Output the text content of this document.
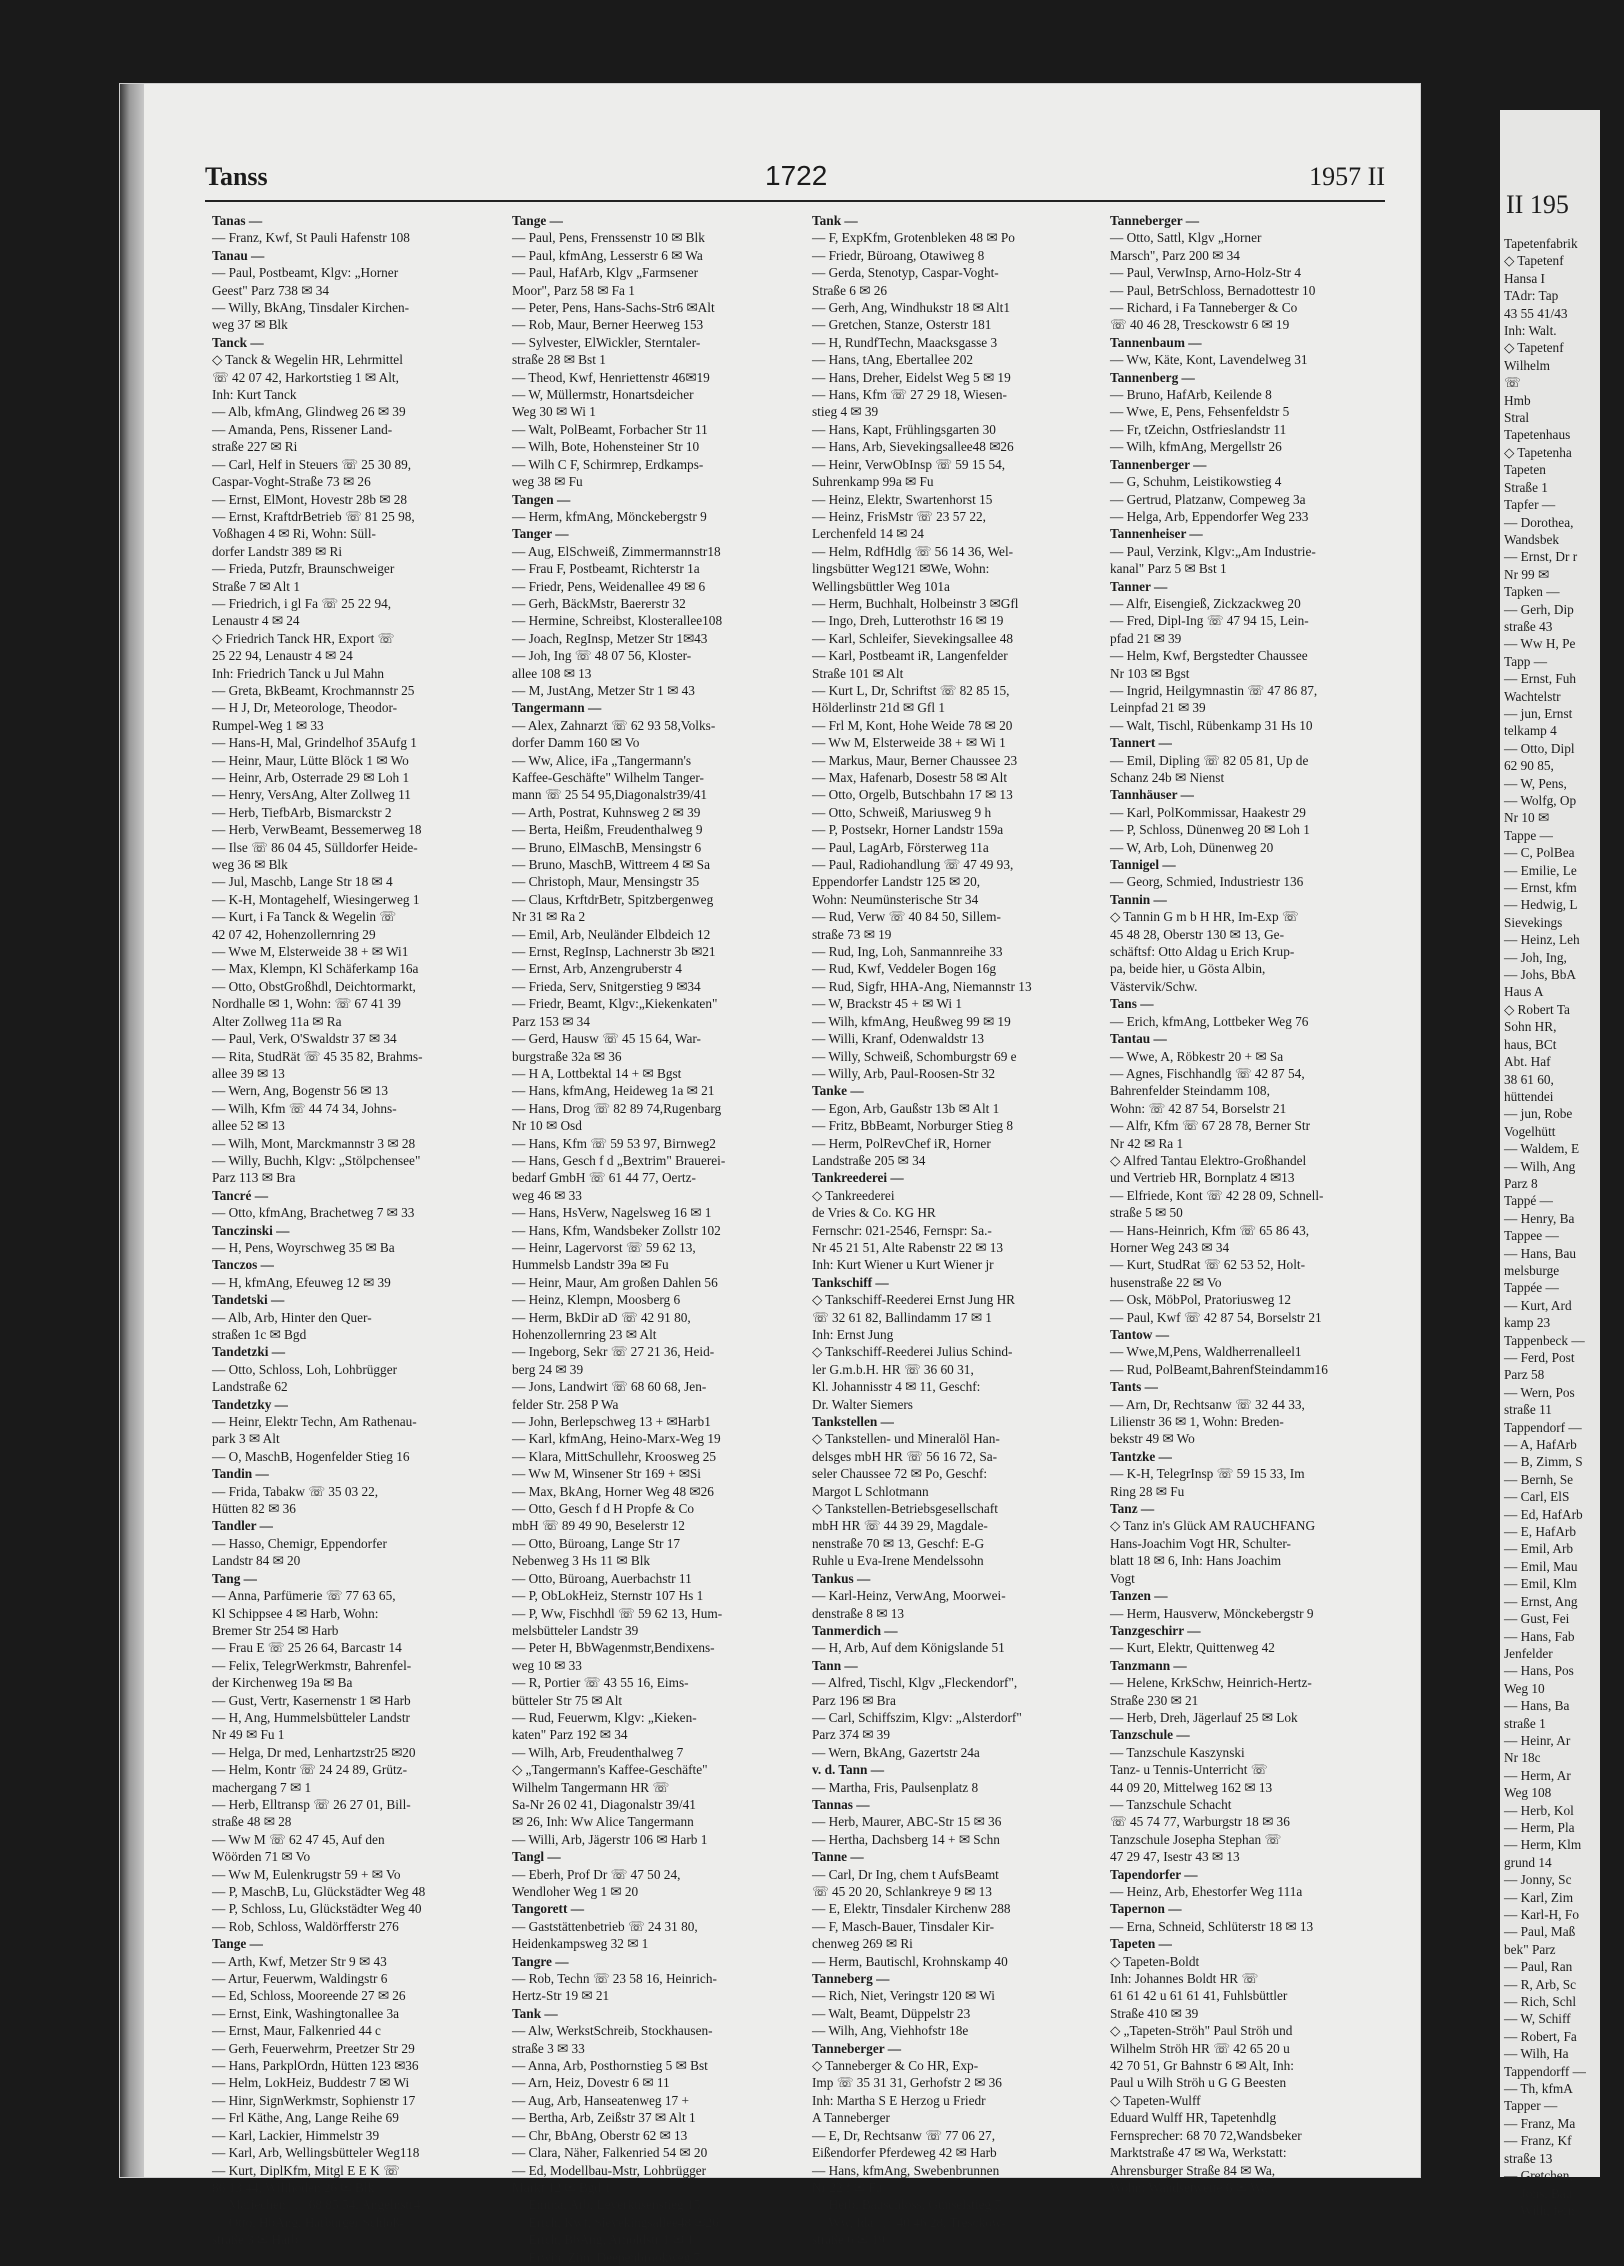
Tanss	1722	1957 II
Tanas —
— Franz, Kwf, St Pauli Hafenstr 108
Tanau —
— Paul, Postbeamt, Klgv: „Horner
Geest" Parz 738 ✉ 34
— Willy, BkAng, Tinsdaler Kirchen-
weg 37 ✉ Blk
Tanck —
◇ Tanck & Wegelin HR, Lehrmittel
☏ 42 07 42, Harkortstieg 1 ✉ Alt,
Inh: Kurt Tanck
— Alb, kfmAng, Glindweg 26 ✉ 39
— Amanda, Pens, Rissener Land-
straße 227 ✉ Ri
— Carl, Helf in Steuers ☏ 25 30 89,
Caspar-Voght-Straße 73 ✉ 26
— Ernst, ElMont, Hovestr 28b ✉ 28
— Ernst, KraftdrBetrieb ☏ 81 25 98,
Voßhagen 4 ✉ Ri, Wohn: Süll-
dorfer Landstr 389 ✉ Ri
— Frieda, Putzfr, Braunschweiger
Straße 7 ✉ Alt 1
— Friedrich, i gl Fa ☏ 25 22 94,
Lenaustr 4 ✉ 24
◇ Friedrich Tanck HR, Export ☏
25 22 94, Lenaustr 4 ✉ 24
Inh: Friedrich Tanck u Jul Mahn
— Greta, BkBeamt, Krochmannstr 25
— H J, Dr, Meteorologe, Theodor-
Rumpel-Weg 1 ✉ 33
— Hans-H, Mal, Grindelhof 35Aufg 1
— Heinr, Maur, Lütte Blöck 1 ✉ Wo
— Heinr, Arb, Osterrade 29 ✉ Loh 1
— Henry, VersAng, Alter Zollweg 11
— Herb, TiefbArb, Bismarckstr 2
— Herb, VerwBeamt, Bessemerweg 18
— Ilse ☏ 86 04 45, Sülldorfer Heide-
weg 36 ✉ Blk
— Jul, Maschb, Lange Str 18 ✉ 4
— K-H, Montagehelf, Wiesingerweg 1
— Kurt, i Fa Tanck & Wegelin ☏
42 07 42, Hohenzollernring 29
— Wwe M, Elsterweide 38 + ✉ Wi1
— Max, Klempn, Kl Schäferkamp 16a
— Otto, ObstGroßhdl, Deichtormarkt,
Nordhalle ✉ 1, Wohn: ☏ 67 41 39
Alter Zollweg 11a ✉ Ra
— Paul, Verk, O'Swaldstr 37 ✉ 34
— Rita, StudRät ☏ 45 35 82, Brahms-
allee 39 ✉ 13
— Wern, Ang, Bogenstr 56 ✉ 13
— Wilh, Kfm ☏ 44 74 34, Johns-
allee 52 ✉ 13
— Wilh, Mont, Marckmannstr 3 ✉ 28
— Willy, Buchh, Klgv: „Stölpchensee"
Parz 113 ✉ Bra
Tancré —
— Otto, kfmAng, Brachetweg 7 ✉ 33
Tanczinski —
— H, Pens, Woyrschweg 35 ✉ Ba
Tanczos —
— H, kfmAng, Efeuweg 12 ✉ 39
Tandetski —
— Alb, Arb, Hinter den Quer-
straßen 1c ✉ Bgd
Tandetzki —
— Otto, Schloss, Loh, Lohbrügger
Landstraße 62
Tandetzky —
— Heinr, Elektr Techn, Am Rathenau-
park 3 ✉ Alt
— O, MaschB, Hogenfelder Stieg 16
Tandin —
— Frida, Tabakw ☏ 35 03 22,
Hütten 82 ✉ 36
Tandler —
— Hasso, Chemigr, Eppendorfer
Landstr 84 ✉ 20
Tang —
— Anna, Parfümerie ☏ 77 63 65,
Kl Schippsee 4 ✉ Harb, Wohn:
Bremer Str 254 ✉ Harb
— Frau E ☏ 25 26 64, Barcastr 14
— Felix, TelegrWerkmstr, Bahrenfel-
der Kirchenweg 19a ✉ Ba
— Gust, Vertr, Kasernenstr 1 ✉ Harb
— H, Ang, Hummelsbütteler Landstr
Nr 49 ✉ Fu 1
— Helga, Dr med, Lenhartzstr25 ✉20
— Helm, Kontr ☏ 24 24 89, Grütz-
machergang 7 ✉ 1
— Herb, Elltransp ☏ 26 27 01, Bill-
straße 48 ✉ 28
— Ww M ☏ 62 47 45, Auf den
Wöörden 71 ✉ Vo
— Ww M, Eulenkrugstr 59 + ✉ Vo
— P, MaschB, Lu, Glückstädter Weg 48
— P, Schloss, Lu, Glückstädter Weg 40
— Rob, Schloss, Waldörfferstr 276
Tange —
— Arth, Kwf, Metzer Str 9 ✉ 43
— Artur, Feuerwm, Waldingstr 6
— Ed, Schloss, Mooreende 27 ✉ 26
— Ernst, Eink, Washingtonallee 3a
— Ernst, Maur, Falkenried 44 c
— Gerh, Feuerwehrm, Preetzer Str 29
— Hans, ParkplOrdn, Hütten 123 ✉36
— Helm, LokHeiz, Buddestr 7 ✉ Wi
— Hinr, SignWerkmstr, Sophienstr 17
— Frl Käthe, Ang, Lange Reihe 69
— Karl, Lackier, Himmelstr 39
— Karl, Arb, Wellingsbütteler Weg118
— Kurt, DiplKfm, Mitgl E E K ☏
86 13 44, Willhöden 26 ✉ Blk
— Mariechen ☏ 68 85 54, Angelnstr4
— Otto, HbAng, Harburger Schloß-
straße 3 ✉ Harb
Tange —
— Paul, Pens, Frenssenstr 10 ✉ Blk
— Paul, kfmAng, Lesserstr 6 ✉ Wa
— Paul, HafArb, Klgv „Farmsener
Moor", Parz 58 ✉ Fa 1
— Peter, Pens, Hans-Sachs-Str6 ✉Alt
— Rob, Maur, Berner Heerweg 153
— Sylvester, ElWickler, Sterntaler-
straße 28 ✉ Bst 1
— Theod, Kwf, Henriettenstr 46✉19
— W, Müllermstr, Honartsdeicher
Weg 30 ✉ Wi 1
— Walt, PolBeamt, Forbacher Str 11
— Wilh, Bote, Hohensteiner Str 10
— Wilh C F, Schirmrep, Erdkamps-
weg 38 ✉ Fu
Tangen —
— Herm, kfmAng, Mönckebergstr 9
Tanger —
— Aug, ElSchweiß, Zimmermannstr18
— Frau F, Postbeamt, Richterstr 1a
— Friedr, Pens, Weidenallee 49 ✉ 6
— Gerh, BäckMstr, Baererstr 32
— Hermine, Schreibst, Klosterallee108
— Joach, RegInsp, Metzer Str 1✉43
— Joh, Ing ☏ 48 07 56, Kloster-
allee 108 ✉ 13
— M, JustAng, Metzer Str 1 ✉ 43
Tangermann —
— Alex, Zahnarzt ☏ 62 93 58,Volks-
dorfer Damm 160 ✉ Vo
— Ww, Alice, iFa „Tangermann's
Kaffee-Geschäfte" Wilhelm Tanger-
mann ☏ 25 54 95,Diagonalstr39/41
— Arth, Postrat, Kuhnsweg 2 ✉ 39
— Berta, Heißm, Freudenthalweg 9
— Bruno, ElMaschB, Mensingstr 6
— Bruno, MaschB, Wittreem 4 ✉ Sa
— Christoph, Maur, Mensingstr 35
— Claus, KrftdrBetr, Spitzbergenweg
Nr 31 ✉ Ra 2
— Emil, Arb, Neuländer Elbdeich 12
— Ernst, RegInsp, Lachnerstr 3b ✉21
— Ernst, Arb, Anzengruberstr 4
— Frieda, Serv, Snitgerstieg 9 ✉34
— Friedr, Beamt, Klgv:„Kiekenkaten"
Parz 153 ✉ 34
— Gerd, Hausw ☏ 45 15 64, War-
burgstraße 32a ✉ 36
— H A, Lottbektal 14 + ✉ Bgst
— Hans, kfmAng, Heideweg 1a ✉ 21
— Hans, Drog ☏ 82 89 74,Rugenbarg
Nr 10 ✉ Osd
— Hans, Kfm ☏ 59 53 97, Birnweg2
— Hans, Gesch f d „Bextrim" Brauerei-
bedarf GmbH ☏ 61 44 77, Oertz-
weg 46 ✉ 33
— Hans, HsVerw, Nagelsweg 16 ✉ 1
— Hans, Kfm, Wandsbeker Zollstr 102
— Heinr, Lagervorst ☏ 59 62 13,
Hummelsb Landstr 39a ✉ Fu
— Heinr, Maur, Am großen Dahlen 56
— Heinz, Klempn, Moosberg 6
— Herm, BkDir aD ☏ 42 91 80,
Hohenzollernring 23 ✉ Alt
— Ingeborg, Sekr ☏ 27 21 36, Heid-
berg 24 ✉ 39
— Jons, Landwirt ☏ 68 60 68, Jen-
felder Str. 258 P Wa
— John, Berlepschweg 13 + ✉Harb1
— Karl, kfmAng, Heino-Marx-Weg 19
— Klara, MittSchullehr, Kroosweg 25
— Ww M, Winsener Str 169 + ✉Si
— Max, BkAng, Horner Weg 48 ✉26
— Otto, Gesch f d H Propfe & Co
mbH ☏ 89 49 90, Beselerstr 12
— Otto, Büroang, Lange Str 17
Nebenweg 3 Hs 11 ✉ Blk
— Otto, Büroang, Auerbachstr 11
— P, ObLokHeiz, Sternstr 107 Hs 1
— P, Ww, Fischhdl ☏ 59 62 13, Hum-
melsbütteler Landstr 39
— Peter H, BbWagenmstr,Bendixens-
weg 10 ✉ 33
— R, Portier ☏ 43 55 16, Eims-
bütteler Str 75 ✉ Alt
— Rud, Feuerwm, Klgv: „Kieken-
katen" Parz 192 ✉ 34
— Wilh, Arb, Freudenthalweg 7
◇ „Tangermann's Kaffee-Geschäfte"
Wilhelm Tangermann HR ☏
Sa-Nr 26 02 41, Diagonalstr 39/41
✉ 26, Inh: Ww Alice Tangermann
— Willi, Arb, Jägerstr 106 ✉ Harb 1
Tangl —
— Eberh, Prof Dr ☏ 47 50 24,
Wendloher Weg 1 ✉ 20
Tangorett —
— Gaststättenbetrieb ☏ 24 31 80,
Heidenkampsweg 32 ✉ 1
Tangre —
— Rob, Techn ☏ 23 58 16, Heinrich-
Hertz-Str 19 ✉ 21
Tank —
— Alw, WerkstSchreib, Stockhausen-
straße 3 ✉ 33
— Anna, Arb, Posthornstieg 5 ✉ Bst
— Arn, Heiz, Dovestr 6 ✉ 11
— Aug, Arb, Hanseatenweg 17 +
— Bertha, Arb, Zeißstr 37 ✉ Alt 1
— Chr, BbAng, Oberstr 62 ✉ 13
— Clara, Näher, Falkenried 54 ✉ 20
— Ed, Modellbau-Mstr, Lohbrügger
Markt 12 ✉ Bgd 1
— Emma, Arb, Leverkusenstieg 15
— Erich, Kwf, Sievekingsallee48 ✉26
— Erich, BbAng, Arnoldstr 1 ✉ 1
— Erwin, Zim, Deepenbrookweg 7
Tank —
— F, ExpKfm, Grotenbleken 48 ✉ Po
— Friedr, Büroang, Otawiweg 8
— Gerda, Stenotyp, Caspar-Voght-
Straße 6 ✉ 26
— Gerh, Ang, Windhukstr 18 ✉ Alt1
— Gretchen, Stanze, Osterstr 181
— H, RundfTechn, Maacksgasse 3
— Hans, tAng, Ebertallee 202
— Hans, Dreher, Eidelst Weg 5 ✉ 19
— Hans, Kfm ☏ 27 29 18, Wiesen-
stieg 4 ✉ 39
— Hans, Kapt, Frühlingsgarten 30
— Hans, Arb, Sievekingsallee48 ✉26
— Heinr, VerwObInsp ☏ 59 15 54,
Suhrenkamp 99a ✉ Fu
— Heinz, Elektr, Swartenhorst 15
— Heinz, FrisMstr ☏ 23 57 22,
Lerchenfeld 14 ✉ 24
— Helm, RdfHdlg ☏ 56 14 36, Wel-
lingsbütter Weg121 ✉We, Wohn:
Wellingsbüttler Weg 101a
— Herm, Buchhalt, Holbeinstr 3 ✉Gfl
— Ingo, Dreh, Lutterothstr 16 ✉ 19
— Karl, Schleifer, Sievekingsallee 48
— Karl, Postbeamt iR, Langenfelder
Straße 101 ✉ Alt
— Kurt L, Dr, Schriftst ☏ 82 85 15,
Hölderlinstr 21d ✉ Gfl 1
— Frl M, Kont, Hohe Weide 78 ✉ 20
— Ww M, Elsterweide 38 + ✉ Wi 1
— Markus, Maur, Berner Chaussee 23
— Max, Hafenarb, Dosestr 58 ✉ Alt
— Otto, Orgelb, Butschbahn 17 ✉ 13
— Otto, Schweiß, Mariusweg 9 h
— P, Postsekr, Horner Landstr 159a
— Paul, LagArb, Försterweg 11a
— Paul, Radiohandlung ☏ 47 49 93,
Eppendorfer Landstr 125 ✉ 20,
Wohn: Neumünsterische Str 34
— Rud, Verw ☏ 40 84 50, Sillem-
straße 73 ✉ 19
— Rud, Ing, Loh, Sanmannreihe 33
— Rud, Kwf, Veddeler Bogen 16g
— Rud, Sigfr, HHA-Ang, Niemannstr 13
— W, Brackstr 45 + ✉ Wi 1
— Wilh, kfmAng, Heußweg 99 ✉ 19
— Willi, Kranf, Odenwaldstr 13
— Willy, Schweiß, Schomburgstr 69 e
— Willy, Arb, Paul-Roosen-Str 32
Tanke —
— Egon, Arb, Gaußstr 13b ✉ Alt 1
— Fritz, BbBeamt, Norburger Stieg 8
— Herm, PolRevChef iR, Horner
Landstraße 205 ✉ 34
Tankreederei —
◇ Tankreederei
de Vries & Co. KG HR
Fernschr: 021-2546, Fernspr: Sa.-
Nr 45 21 51, Alte Rabenstr 22 ✉ 13
Inh: Kurt Wiener u Kurt Wiener jr
Tankschiff —
◇ Tankschiff-Reederei Ernst Jung HR
☏ 32 61 82, Ballindamm 17 ✉ 1
Inh: Ernst Jung
◇ Tankschiff-Reederei Julius Schind-
ler G.m.b.H. HR ☏ 36 60 31,
Kl. Johannisstr 4 ✉ 11, Geschf:
Dr. Walter Siemers
Tankstellen —
◇ Tankstellen- und Mineralöl Han-
delsges mbH HR ☏ 56 16 72, Sa-
seler Chaussee 72 ✉ Po, Geschf:
Margot L Schlotmann
◇ Tankstellen-Betriebsgesellschaft
mbH HR ☏ 44 39 29, Magdale-
nenstraße 70 ✉ 13, Geschf: E-G
Ruhle u Eva-Irene Mendelssohn
Tankus —
— Karl-Heinz, VerwAng, Moorwei-
denstraße 8 ✉ 13
Tanmerdich —
— H, Arb, Auf dem Königslande 51
Tann —
— Alfred, Tischl, Klgv „Fleckendorf",
Parz 196 ✉ Bra
— Carl, Schiffszim, Klgv: „Alsterdorf"
Parz 374 ✉ 39
— Wern, BkAng, Gazertstr 24a
v. d. Tann —
— Martha, Fris, Paulsenplatz 8
Tannas —
— Herb, Maurer, ABC-Str 15 ✉ 36
— Hertha, Dachsberg 14 + ✉ Schn
Tanne —
— Carl, Dr Ing, chem t AufsBeamt
☏ 45 20 20, Schlankreye 9 ✉ 13
— E, Elektr, Tinsdaler Kirchenw 288
— F, Masch-Bauer, Tinsdaler Kir-
chenweg 269 ✉ Ri
— Herm, Bautischl, Krohnskamp 40
Tanneberg —
— Rich, Niet, Veringstr 120 ✉ Wi
— Walt, Beamt, Düppelstr 23
— Wilh, Ang, Viehhofstr 18e
Tanneberger —
◇ Tanneberger & Co HR, Exp-
Imp ☏ 35 31 31, Gerhofstr 2 ✉ 36
Inh: Martha S E Herzog u Friedr
A Tanneberger
— E, Dr, Rechtsanw ☏ 77 06 27,
Eißendorfer Pferdeweg 42 ✉ Harb
— Hans, kfmAng, Swebenbrunnen
Nr 22 f ✉ Fu
— Herb, Bauschloss, Günselstieg 7
— Ww, Ida ☏ 40 46 28, Tresckow-
straße 6 ✉ 19
Tanneberger —
— Otto, Sattl, Klgv „Horner
Marsch", Parz 200 ✉ 34
— Paul, VerwInsp, Arno-Holz-Str 4
— Paul, BetrSchloss, Bernadottestr 10
— Richard, i Fa Tanneberger & Co
☏ 40 46 28, Tresckowstr 6 ✉ 19
Tannenbaum —
— Ww, Käte, Kont, Lavendelweg 31
Tannenberg —
— Bruno, HafArb, Keilende 8
— Wwe, E, Pens, Fehsenfeldstr 5
— Fr, tZeichn, Ostfrieslandstr 11
— Wilh, kfmAng, Mergellstr 26
Tannenberger —
— G, Schuhm, Leistikowstieg 4
— Gertrud, Platzanw, Compeweg 3a
— Helga, Arb, Eppendorfer Weg 233
Tannenheiser —
— Paul, Verzink, Klgv:„Am Industrie-
kanal" Parz 5 ✉ Bst 1
Tanner —
— Alfr, Eisengieß, Zickzackweg 20
— Fred, Dipl-Ing ☏ 47 94 15, Lein-
pfad 21 ✉ 39
— Helm, Kwf, Bergstedter Chaussee
Nr 103 ✉ Bgst
— Ingrid, Heilgymnastin ☏ 47 86 87,
Leinpfad 21 ✉ 39
— Walt, Tischl, Rübenkamp 31 Hs 10
Tannert —
— Emil, Dipling ☏ 82 05 81, Up de
Schanz 24b ✉ Nienst
Tannhäuser —
— Karl, PolKommissar, Haakestr 29
— P, Schloss, Dünenweg 20 ✉ Loh 1
— W, Arb, Loh, Dünenweg 20
Tannigel —
— Georg, Schmied, Industriestr 136
Tannin —
◇ Tannin G m b H HR, Im-Exp ☏
45 48 28, Oberstr 130 ✉ 13, Ge-
schäftsf: Otto Aldag u Erich Krup-
pa, beide hier, u Gösta Albin,
Västervik/Schw.
Tans —
— Erich, kfmAng, Lottbeker Weg 76
Tantau —
— Wwe, A, Röbkestr 20 + ✉ Sa
— Agnes, Fischhandlg ☏ 42 87 54,
Bahrenfelder Steindamm 108,
Wohn: ☏ 42 87 54, Borselstr 21
— Alfr, Kfm ☏ 67 28 78, Berner Str
Nr 42 ✉ Ra 1
◇ Alfred Tantau Elektro-Großhandel
und Vertrieb HR, Bornplatz 4 ✉13
— Elfriede, Kont ☏ 42 28 09, Schnell-
straße 5 ✉ 50
— Hans-Heinrich, Kfm ☏ 65 86 43,
Horner Weg 243 ✉ 34
— Kurt, StudRat ☏ 62 53 52, Holt-
husenstraße 22 ✉ Vo
— Osk, MöbPol, Pratoriusweg 12
— Paul, Kwf ☏ 42 87 54, Borselstr 21
Tantow —
— Wwe,M,Pens, Waldherrenalleel1
— Rud, PolBeamt,BahrenfSteindamm16
Tants —
— Arn, Dr, Rechtsanw ☏ 32 44 33,
Lilienstr 36 ✉ 1, Wohn: Breden-
bekstr 49 ✉ Wo
Tantzke —
— K-H, TelegrInsp ☏ 59 15 33, Im
Ring 28 ✉ Fu
Tanz —
◇ Tanz in's Glück AM RAUCHFANG
Hans-Joachim Vogt HR, Schulter-
blatt 18 ✉ 6, Inh: Hans Joachim
Vogt
Tanzen —
— Herm, Hausverw, Mönckebergstr 9
Tanzgeschirr —
— Kurt, Elektr, Quittenweg 42
Tanzmann —
— Helene, KrkSchw, Heinrich-Hertz-
Straße 230 ✉ 21
— Herb, Dreh, Jägerlauf 25 ✉ Lok
Tanzschule —
— Tanzschule Kaszynski
Tanz- u Tennis-Unterricht ☏
44 09 20, Mittelweg 162 ✉ 13
— Tanzschule Schacht
☏ 45 74 77, Warburgstr 18 ✉ 36
Tanzschule Josepha Stephan ☏
47 29 47, Isestr 43 ✉ 13
Tapendorfer —
— Heinz, Arb, Ehestorfer Weg 111a
Tapernon —
— Erna, Schneid, Schlüterstr 18 ✉ 13
Tapeten —
◇ Tapeten-Boldt
Inh: Johannes Boldt HR ☏
61 61 42 u 61 61 41, Fuhlsbüttler
Straße 410 ✉ 39
◇ „Tapeten-Ströh" Paul Ströh und
Wilhelm Ströh HR ☏ 42 65 20 u
42 70 51, Gr Bahnstr 6 ✉ Alt, Inh:
Paul u Wilh Ströh u G G Beesten
◇ Tapeten-Wulff
Eduard Wulff HR, Tapetenhdlg
Fernsprecher: 68 70 72,Wandsbeker
Marktstraße 47 ✉ Wa, Werkstatt:
Ahrensburger Straße 84 ✉ Wa,
Wohn: Wandsetweite 6 ✉ Wa
II 195
Tapetenfabrik
◇ Tapetenf
Hansa I
TAdr: Tap
43 55 41/43
Inh: Walt.
◇ Tapetenf
Wilhelm
☏
Hmb
Stral
Tapetenhaus
◇ Tapetenha
Tapeten
Straße 1
Tapfer —
— Dorothea,
Wandsbek
— Ernst, Dr r
Nr 99 ✉
Tapken —
— Gerh, Dip
straße 43
— Ww H, Pe
Tapp —
— Ernst, Fuh
Wachtelstr
— jun, Ernst
telkamp 4
— Otto, Dipl
62 90 85,
— W, Pens,
— Wolfg, Op
Nr 10 ✉
Tappe —
— C, PolBea
— Emilie, Le
— Ernst, kfm
— Hedwig, L
Sievekings
— Heinz, Leh
— Joh, Ing,
— Johs, BbA
Haus A
◇ Robert Ta
Sohn HR,
haus, BCt
Abt. Haf
38 61 60,
hüttendei
— jun, Robe
Vogelhütt
— Waldem, E
— Wilh, Ang
Parz 8
Tappé —
— Henry, Ba
Tappee —
— Hans, Bau
melsburge
Tappée —
— Kurt, Ard
kamp 23
Tappenbeck —
— Ferd, Post
Parz 58
— Wern, Pos
straße 11
Tappendorf —
— A, HafArb
— B, Zimm, S
— Bernh, Se
— Carl, ElS
— Ed, HafArb
— E, HafArb
— Emil, Arb
— Emil, Mau
— Emil, Klm
— Ernst, Ang
— Gust, Fei
— Hans, Fab
Jenfelder
— Hans, Pos
Weg 10
— Hans, Ba
straße 1
— Heinr, Ar
Nr 18c
— Herm, Ar
Weg 108
— Herb, Kol
— Herm, Pla
— Herm, Klm
grund 14
— Jonny, Sc
— Karl, Zim
— Karl-H, Fo
— Paul, Maß
bek" Parz
— Paul, Ran
— R, Arb, Sc
— Rich, Schl
— W, Schiff
— Robert, Fa
— Wilh, Ha
Tappendorff —
— Th, kfmA
Tapper —
— Franz, Ma
— Franz, Kf
straße 13
— Gretchen,
— Jons, Bau
— Wilh, fern
